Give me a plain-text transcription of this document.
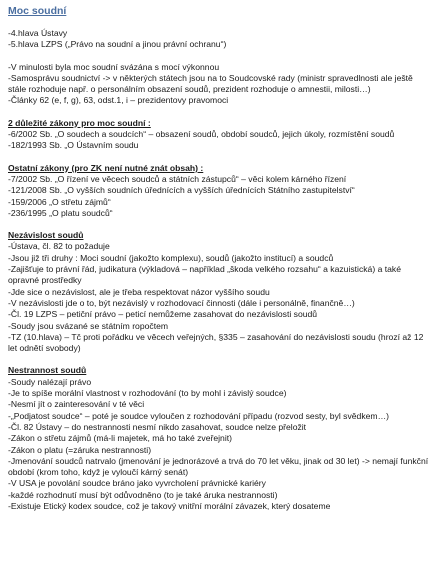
Moc soudní
-4.hlava Ústavy
-5.hlava LZPS („Právo na soudní a jinou právní ochranu“)
-V minulosti byla moc soudní svázána s mocí výkonnou
-Samosprávu soudnictví -> v některých státech jsou na to Soudcovské rady (ministr spravedlnosti ale ještě stále rozhoduje např. o personálním obsazení soudů, prezident rozhoduje o amnestii, milosti…)
-Články 62 (e, f, g), 63, odst.1, i – prezidentovy pravomoci
2 důležité zákony pro moc soudní :
-6/2002 Sb. „O soudech a soudcích“ – obsazení soudů, období soudců, jejich úkoly, rozmístění soudů
-182/1993 Sb. „O Ústavním soudu
Ostatní zákony (pro ZK není nutné znát obsah) :
-7/2002 Sb. „O řízení ve věcech soudců a státních zástupců“ – věci kolem kárného řízení
-121/2008 Sb. „O vyšších soudních úřednících a vyšších úřednících Státního zastupitelství“
-159/2006 „O střetu zájmů“
-236/1995 „O platu soudců“
Nezávislost soudů
-Ústava, čl. 82 to požaduje
-Jsou již tři druhy : Moci soudní (jakožto komplexu), soudů (jakožto institucí) a soudců
-Zajišťuje to právní řád, judikatura (výkladová – například „škoda velkého rozsahu“ a kazuistická) a také opravné prostředky
-Jde sice o nezávislost, ale je třeba respektovat názor vyššího soudu
-V nezávislosti jde o to, být nezávislý v rozhodovací činnosti (dále i personálně, finančně…)
-Čl. 19 LZPS – petiční právo – peticí nemůžeme zasahovat do nezávislosti soudů
-Soudy jsou svázané se státním ropočtem
-TZ (10.hlava) – Tč proti pořádku ve věcech veřejných, §335 – zasahování do nezávislosti soudu (hrozí až 12 let odnětí svobody)
Nestrannost soudů
-Soudy nalézají právo
-Je to spíše morální vlastnost v rozhodování (to by mohl i závislý soudce)
-Nesmí jít o zainteresování v té věci
-„Podjatost soudce“ – poté je soudce vyloučen z rozhodování případu (rozvod sesty, byl svědkem…)
-Čl. 82 Ústavy – do nestrannosti nesmí nikdo zasahovat, soudce nelze přeložit
-Zákon o střetu zájmů (má-li majetek, má ho také zveřejnit)
-Zákon o platu (=záruka nestrannosti)
-Jmenování soudců natrvalo (jmenování je jednorázové a trvá do 70 let věku, jinak od 30 let) -> nemají funkční období (krom toho, když je vyloučí kárný senát)
-V USA je povolání soudce bráno jako vyvrcholení právnické kariéry
-každé rozhodnutí musí být odůvodněno (to je také áruka nestrannosti)
-Existuje Etický kodex soudce, což je takový vnitřní morální závazek, který dosateme
